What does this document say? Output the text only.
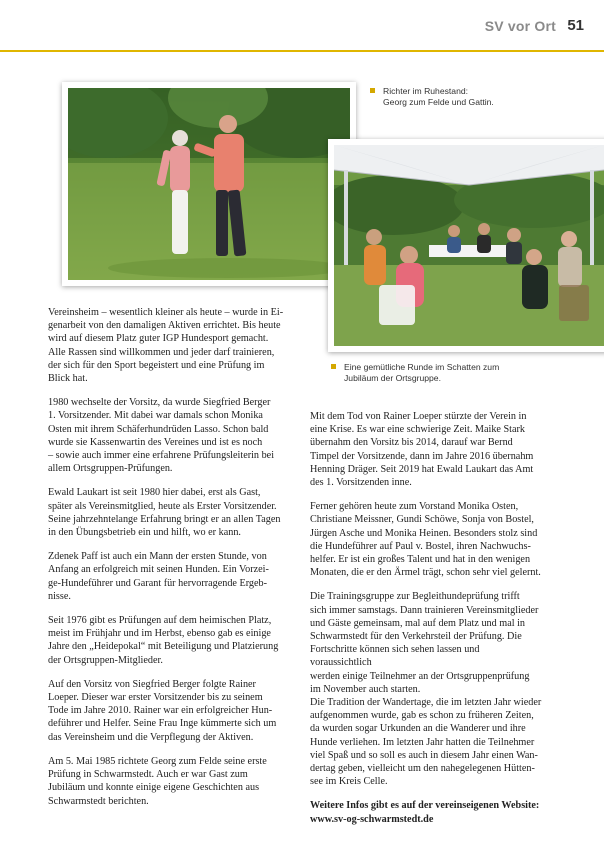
SV vor Ort 51
Richter im Ruhestand:
Georg zum Felde und Gattin.
Eine gemütliche Runde im Schatten zum
Jubiläum der Ortsgruppe.

Vereinsheim – wesentlich kleiner als heute – wurde in Ei-
genarbeit von den damaligen Aktiven errichtet. Bis heute
wird auf diesem Platz guter IGP Hundesport gemacht.
Alle Rassen sind willkommen und jeder darf trainieren,
der sich für den Sport begeistert und eine Prüfung im
Blick hat.

1980 wechselte der Vorsitz, da wurde Siegfried Berger
1. Vorsitzender. Mit dabei war damals schon Monika
Osten mit ihrem Schäferhundrüden Lasso. Schon bald
wurde sie Kassenwartin des Vereines und ist es noch
– sowie auch immer eine erfahrene Prüfungsleiterin bei
allem Ortsgruppen-Prüfungen.

Ewald Laukart ist seit 1980 hier dabei, erst als Gast,
später als Vereinsmitglied, heute als Erster Vorsitzender.
Seine jahrzehntelange Erfahrung bringt er an allen Tagen
in den Übungsbetrieb ein und hilft, wo er kann.

Zdenek Paff ist auch ein Mann der ersten Stunde, von
Anfang an erfolgreich mit seinen Hunden. Ein Vorzei-
ge-Hundeführer und Garant für hervorragende Ergeb-
nisse.

Seit 1976 gibt es Prüfungen auf dem heimischen Platz,
meist im Frühjahr und im Herbst, ebenso gab es einige
Jahre den „Heidepokal“ mit Beteiligung und Platzierung
der Ortsgruppen-Mitglieder.

Auf den Vorsitz von Siegfried Berger folgte Rainer
Loeper. Dieser war erster Vorsitzender bis zu seinem
Tode im Jahre 2010. Rainer war ein erfolgreicher Hun-
deführer und Helfer. Seine Frau Inge kümmerte sich um
das Vereinsheim und die Verpflegung der Aktiven.

Am 5. Mai 1985 richtete Georg zum Felde seine erste
Prüfung in Schwarmstedt. Auch er war Gast zum
Jubiläum und konnte einige eigene Geschichten aus
Schwarmstedt berichten.

Mit dem Tod von Rainer Loeper stürzte der Verein in
eine Krise. Es war eine schwierige Zeit. Maike Stark
übernahm den Vorsitz bis 2014, darauf war Bernd
Timpel der Vorsitzende, dann im Jahre 2016 übernahm
Henning Dräger. Seit 2019 hat Ewald Laukart das Amt
des 1. Vorsitzenden inne.

Ferner gehören heute zum Vorstand Monika Osten,
Christiane Meissner, Gundi Schöwe, Sonja von Bostel,
Jürgen Asche und Monika Heinen. Besonders stolz sind
die Hundeführer auf Paul v. Bostel, ihren Nachwuchs-
helfer. Er ist ein großes Talent und hat in den wenigen
Monaten, die er den Ärmel trägt, schon sehr viel gelernt.

Die Trainingsgruppe zur Begleithundeprüfung trifft
sich immer samstags. Dann trainieren Vereinsmitglieder
und Gäste gemeinsam, mal auf dem Platz und mal in
Schwarmstedt für den Verkehrsteil der Prüfung. Die
Fortschritte können sich sehen lassen und voraussichtlich
werden einige Teilnehmer an der Ortsgruppenprüfung
im November auch starten.
Die Tradition der Wandertage, die im letzten Jahr wieder
aufgenommen wurde, gab es schon zu früheren Zeiten,
da wurden sogar Urkunden an die Wanderer und ihre
Hunde verliehen. Im letzten Jahr hatten die Teilnehmer
viel Spaß und so soll es auch in diesem Jahr einen Wan-
dertag geben, vielleicht um den nahegelegenen Hütten-
see im Kreis Celle.

Weitere Infos gibt es auf der vereinseigenen Website:
www.sv-og-schwarmstedt.de
